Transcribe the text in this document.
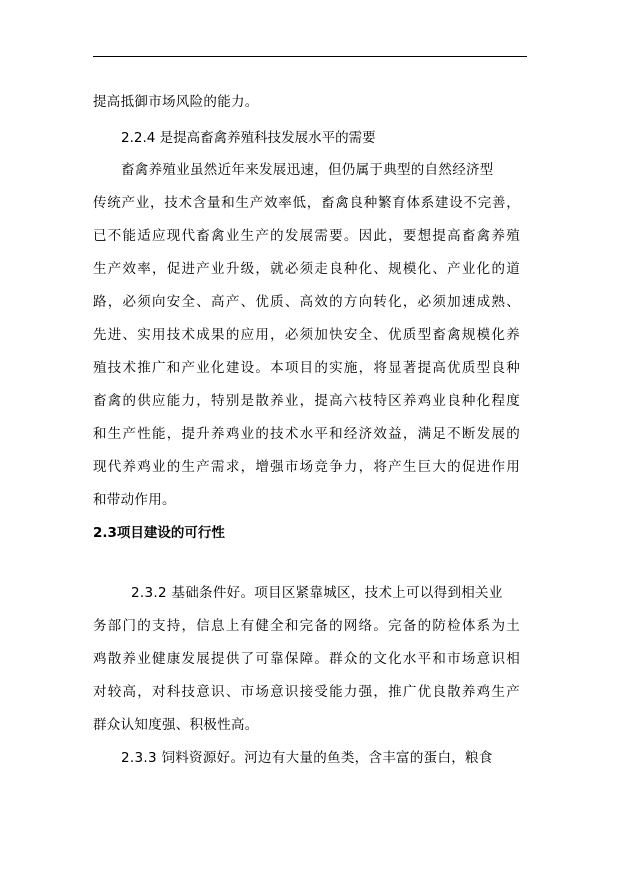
提高抵御市场风险的能力。
2.2.4 是提高畜禽养殖科技发展水平的需要
畜禽养殖业虽然近年来发展迅速，但仍属于典型的自然经济型
传统产业，技术含量和生产效率低，畜禽良种繁育体系建设不完善，
已不能适应现代畜禽业生产的发展需要。因此，要想提高畜禽养殖
生产效率，促进产业升级，就必须走良种化、规模化、产业化的道
路，必须向安全、高产、优质、高效的方向转化，必须加速成熟、
先进、实用技术成果的应用，必须加快安全、优质型畜禽规模化养
殖技术推广和产业化建设。本项目的实施，将显著提高优质型良种
畜禽的供应能力，特别是散养业，提高六枝特区养鸡业良种化程度
和生产性能，提升养鸡业的技术水平和经济效益，满足不断发展的
现代养鸡业的生产需求，增强市场竞争力，将产生巨大的促进作用
和带动作用。
2.3项目建设的可行性
2.3.2 基础条件好。项目区紧靠城区，技术上可以得到相关业
务部门的支持，信息上有健全和完备的网络。完备的防检体系为土
鸡散养业健康发展提供了可靠保障。群众的文化水平和市场意识相
对较高，对科技意识、市场意识接受能力强，推广优良散养鸡生产
群众认知度强、积极性高。
2.3.3 饲料资源好。河边有大量的鱼类，含丰富的蛋白，粮食
